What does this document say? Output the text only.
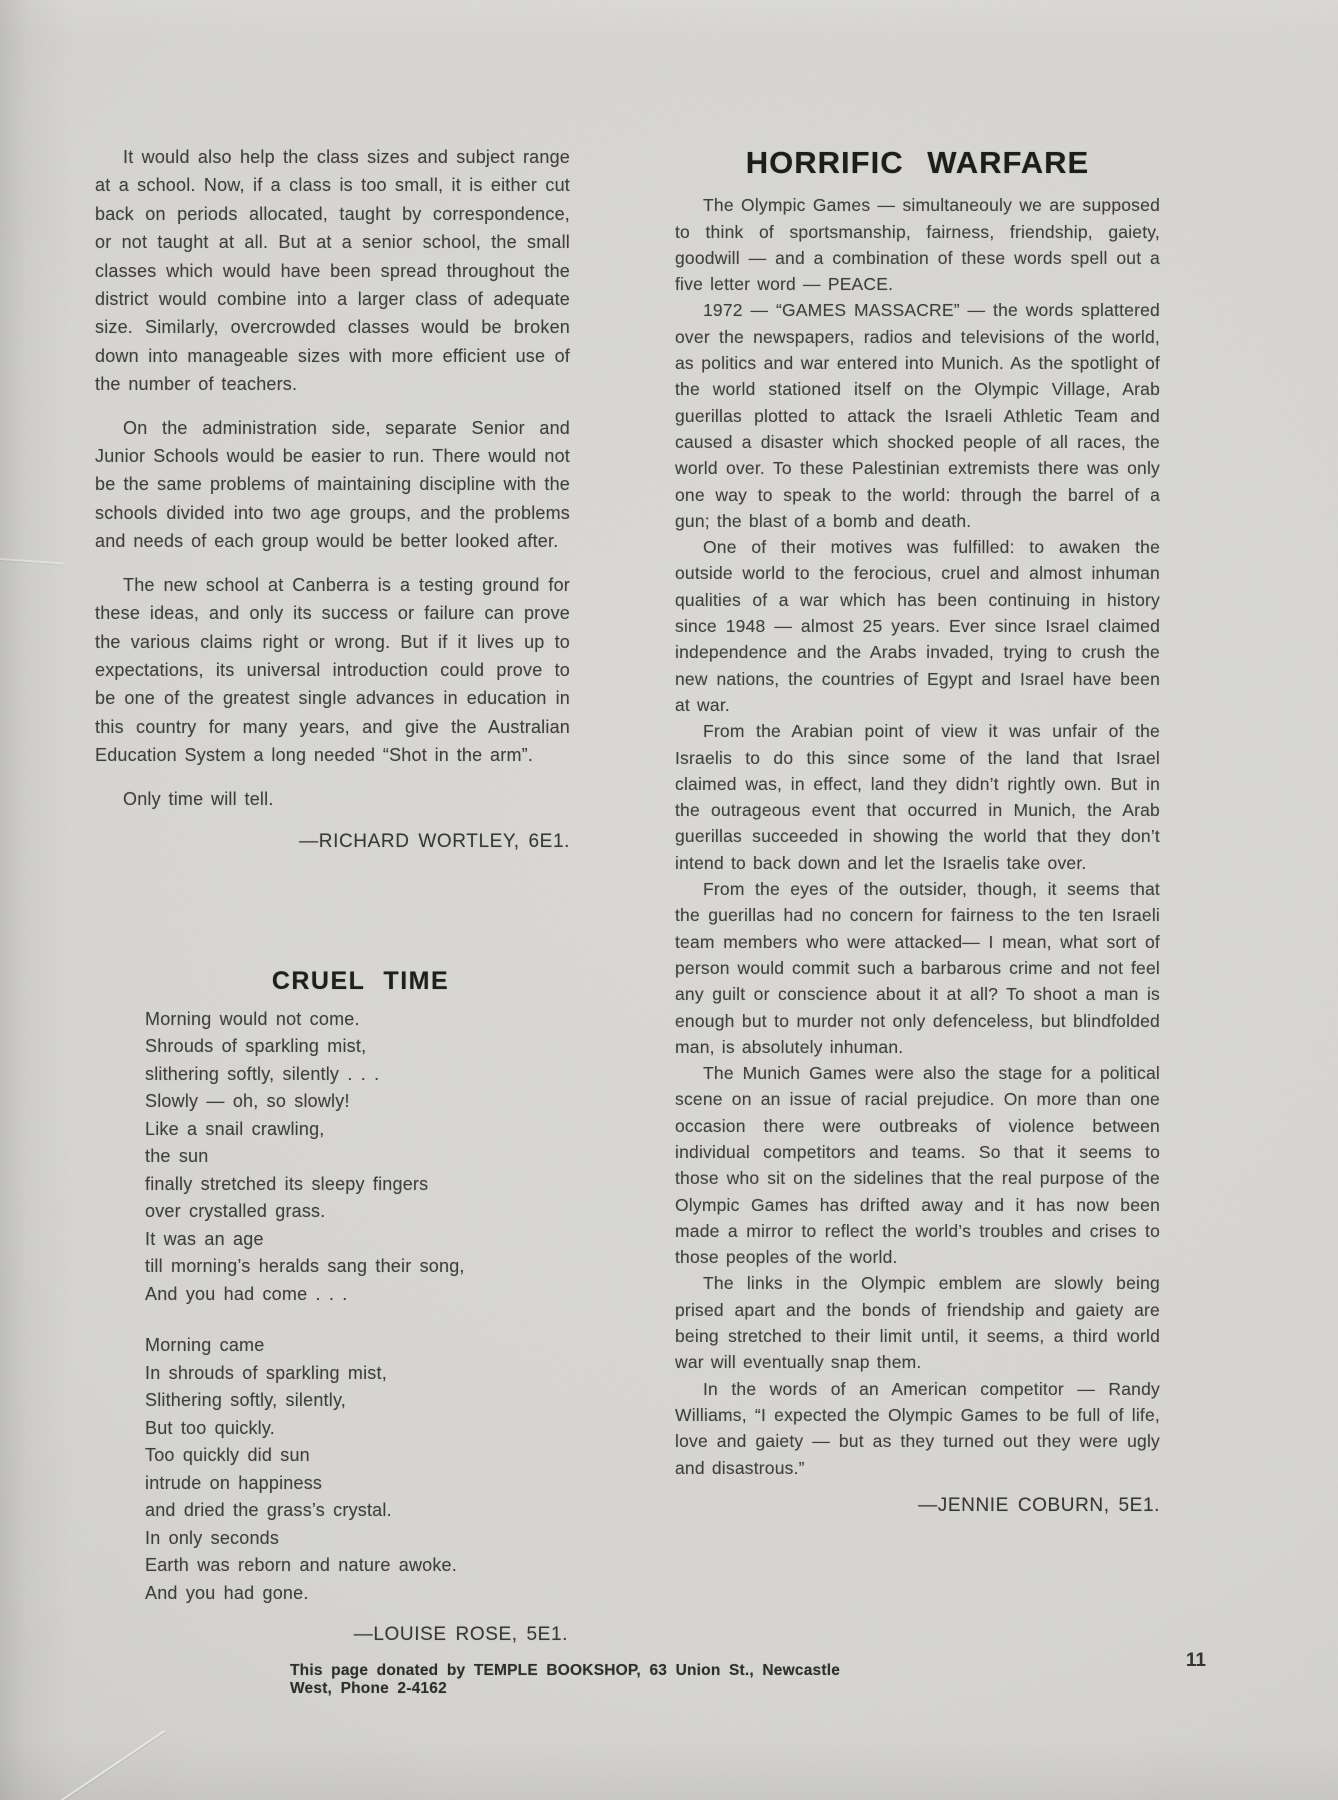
It would also help the class sizes and subject range at a school. Now, if a class is too small, it is either cut back on periods allocated, taught by correspondence, or not taught at all. But at a senior school, the small classes which would have been spread throughout the district would combine into a larger class of adequate size. Similarly, overcrowded classes would be broken down into manageable sizes with more efficient use of the number of teachers.

On the administration side, separate Senior and Junior Schools would be easier to run. There would not be the same problems of maintaining discipline with the schools divided into two age groups, and the problems and needs of each group would be better looked after.

The new school at Canberra is a testing ground for these ideas, and only its success or failure can prove the various claims right or wrong. But if it lives up to expectations, its universal introduction could prove to be one of the greatest single advances in education in this country for many years, and give the Australian Education System a long needed “Shot in the arm”.

Only time will tell.

—RICHARD WORTLEY, 6E1.

CRUEL TIME
Morning would not come.
Shrouds of sparkling mist,
slithering softly, silently . . .
Slowly — oh, so slowly!
Like a snail crawling,
the sun
finally stretched its sleepy fingers
over crystalled grass.
It was an age
till morning’s heralds sang their song,
And you had come . . .
Morning came
In shrouds of sparkling mist,
Slithering softly, silently,
But too quickly.
Too quickly did sun
intrude on happiness
and dried the grass’s crystal.
In only seconds
Earth was reborn and nature awoke.
And you had gone.

—LOUISE ROSE, 5E1.

HORRIFIC WARFARE

The Olympic Games — simultaneouly we are supposed to think of sportsmanship, fairness, friendship, gaiety, goodwill — and a combination of these words spell out a five letter word — PEACE.

1972 — “GAMES MASSACRE” — the words splattered over the newspapers, radios and televisions of the world, as politics and war entered into Munich. As the spotlight of the world stationed itself on the Olympic Village, Arab guerillas plotted to attack the Israeli Athletic Team and caused a disaster which shocked people of all races, the world over. To these Palestinian extremists there was only one way to speak to the world: through the barrel of a gun; the blast of a bomb and death.

One of their motives was fulfilled: to awaken the outside world to the ferocious, cruel and almost inhuman qualities of a war which has been continuing in history since 1948 — almost 25 years. Ever since Israel claimed independence and the Arabs invaded, trying to crush the new nations, the countries of Egypt and Israel have been at war.

From the Arabian point of view it was unfair of the Israelis to do this since some of the land that Israel claimed was, in effect, land they didn’t rightly own. But in the outrageous event that occurred in Munich, the Arab guerillas succeeded in showing the world that they don’t intend to back down and let the Israelis take over.

From the eyes of the outsider, though, it seems that the guerillas had no concern for fairness to the ten Israeli team members who were attacked— I mean, what sort of person would commit such a barbarous crime and not feel any guilt or conscience about it at all? To shoot a man is enough but to murder not only defenceless, but blindfolded man, is absolutely inhuman.

The Munich Games were also the stage for a political scene on an issue of racial prejudice. On more than one occasion there were outbreaks of violence between individual competitors and teams. So that it seems to those who sit on the sidelines that the real purpose of the Olympic Games has drifted away and it has now been made a mirror to reflect the world’s troubles and crises to those peoples of the world.

The links in the Olympic emblem are slowly being prised apart and the bonds of friendship and gaiety are being stretched to their limit until, it seems, a third world war will eventually snap them.

In the words of an American competitor — Randy Williams, “I expected the Olympic Games to be full of life, love and gaiety — but as they turned out they were ugly and disastrous.”

—JENNIE COBURN, 5E1.

This page donated by TEMPLE BOOKSHOP, 63 Union St., Newcastle West, Phone 2-4162
11
